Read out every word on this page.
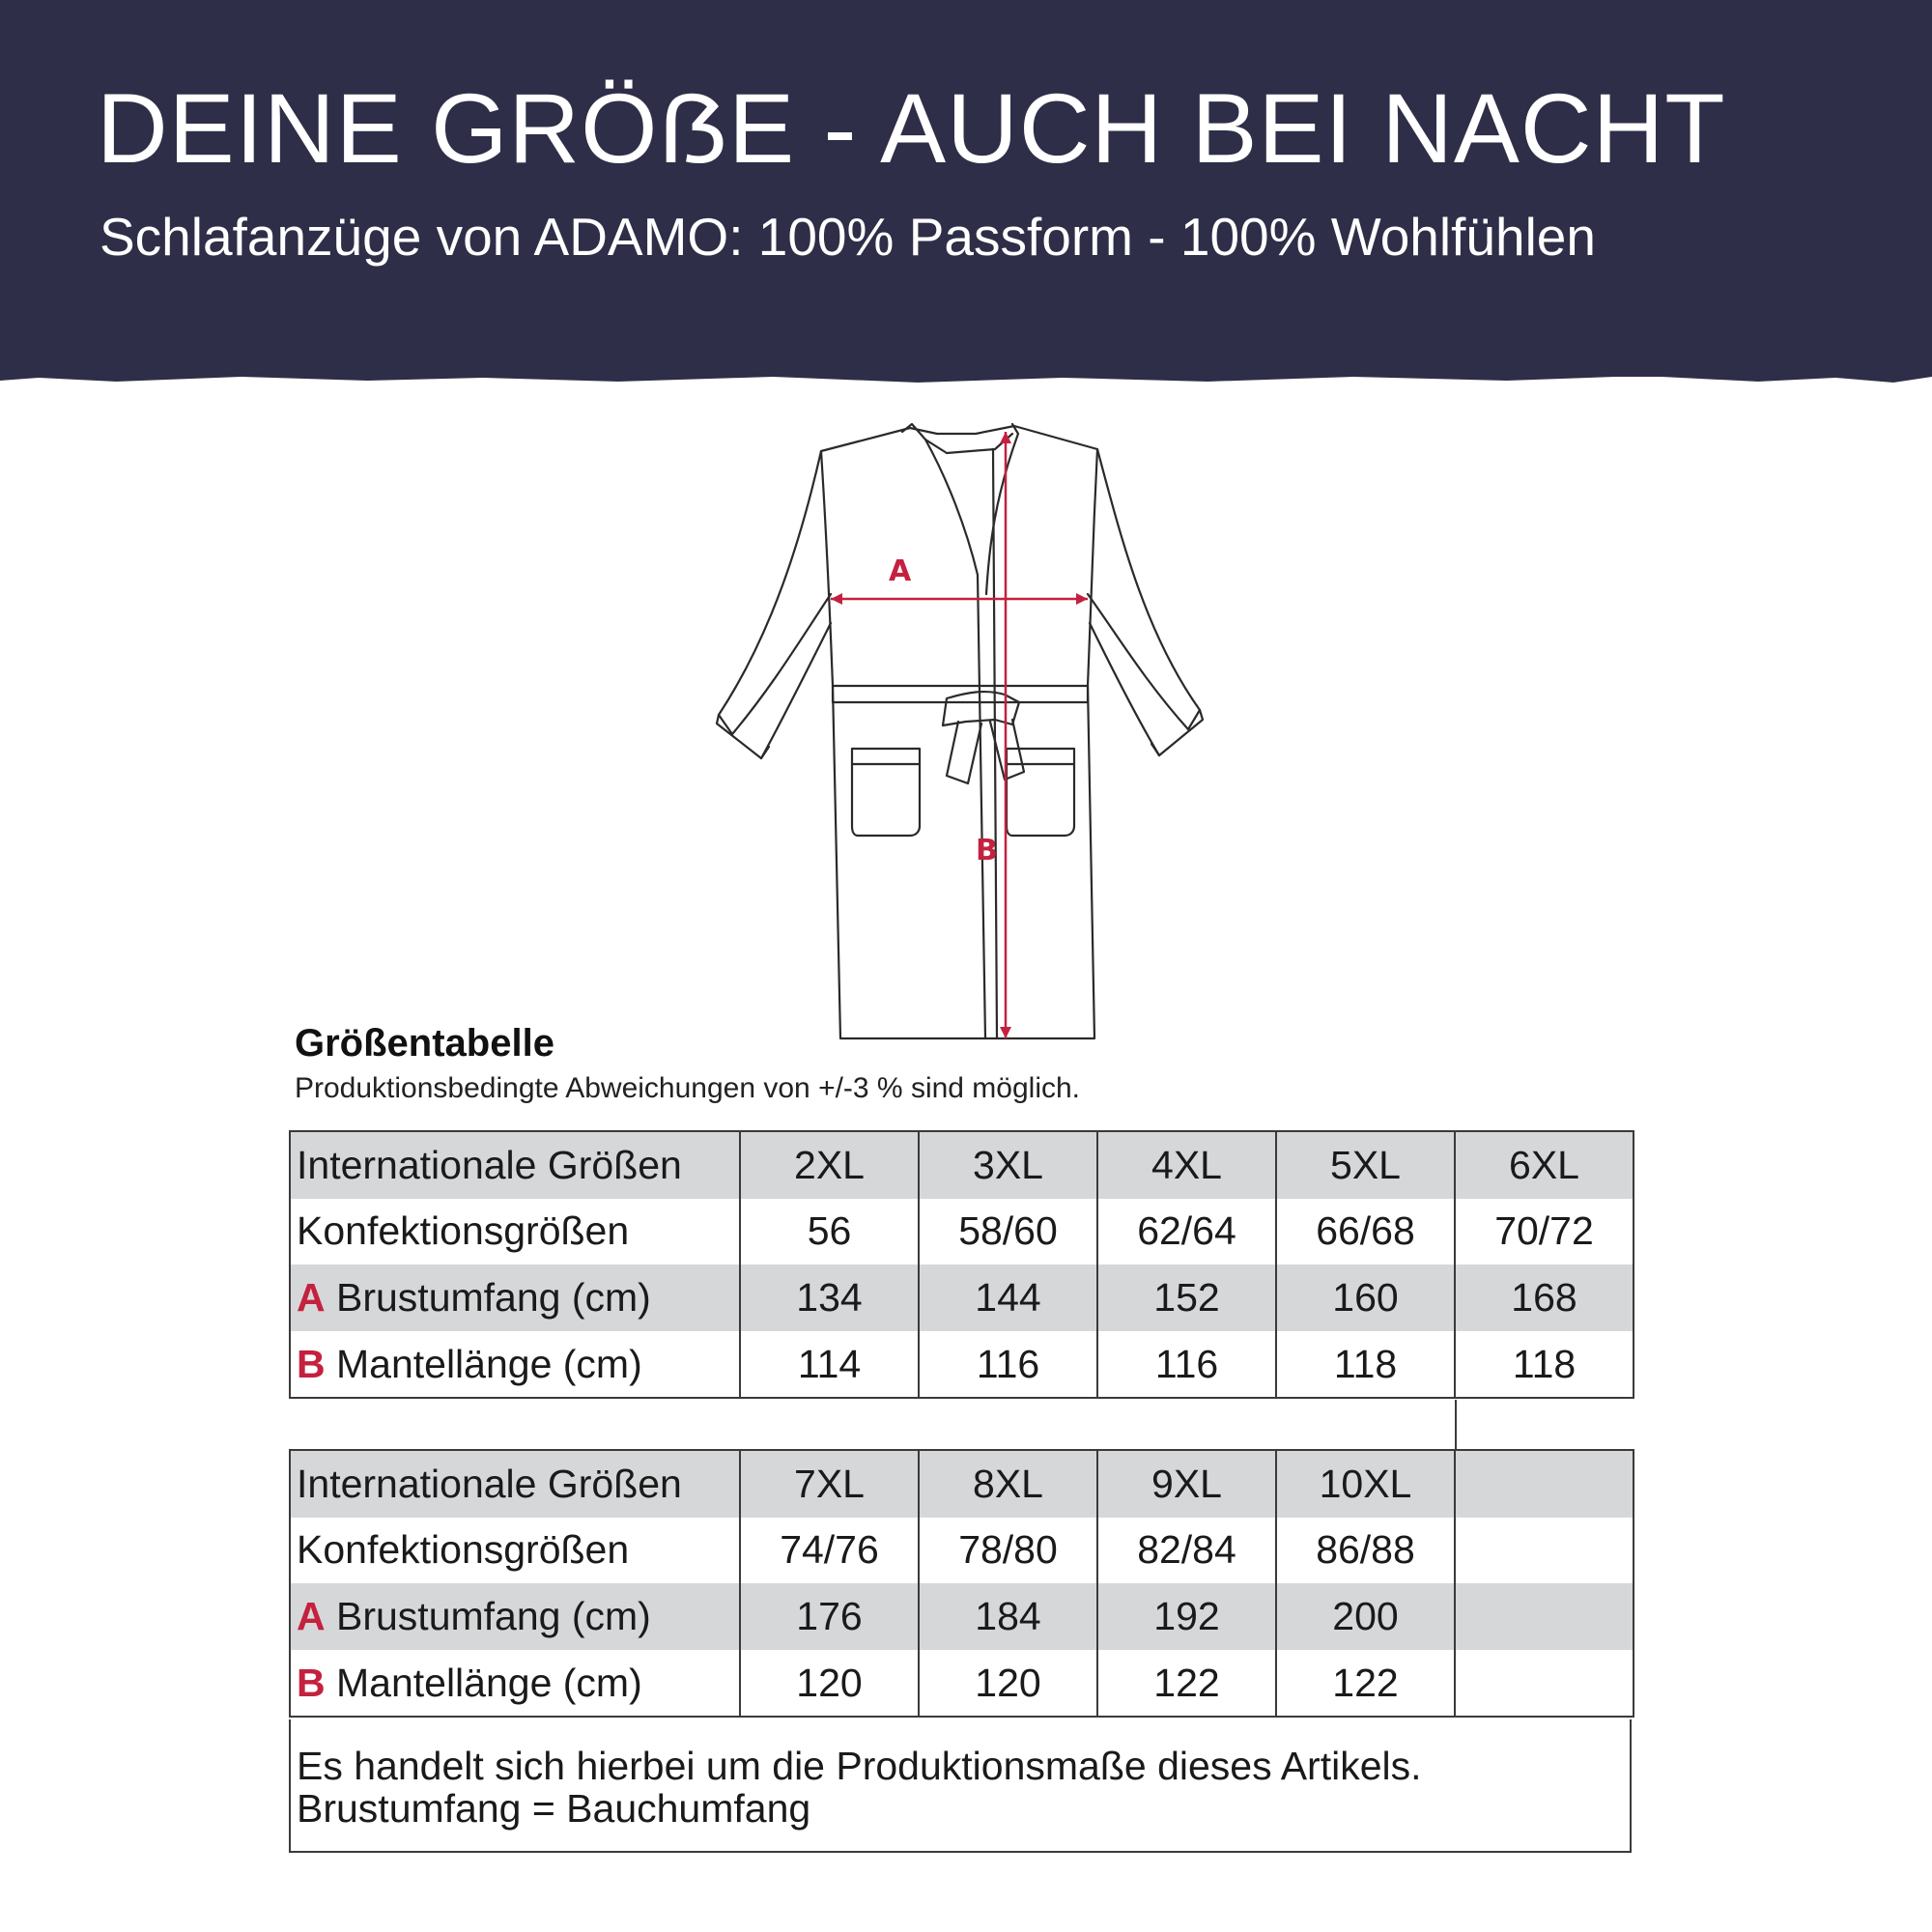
DEINE GRÖẞE - AUCH BEI NACHT

Schlafanzüge von ADAMO: 100% Passform - 100% Wohlfühlen

A
B
Größentabelle

Produktionsbedingte Abweichungen von +/-3 % sind möglich.

Internationale Größen	2XL	3XL	4XL	5XL	6XL
Konfektionsgrößen	56	58/60	62/64	66/68	70/72
A Brustumfang (cm)	134	144	152	160	168
B Mantellänge (cm)	114	116	116	118	118
Internationale Größen	7XL	8XL	9XL	10XL	
Konfektionsgrößen	74/76	78/80	82/84	86/88	
A Brustumfang (cm)	176	184	192	200	
B Mantellänge (cm)	120	120	122	122	
Es handelt sich hierbei um die Produktionsmaße dieses Artikels.
Brustumfang = Bauchumfang
